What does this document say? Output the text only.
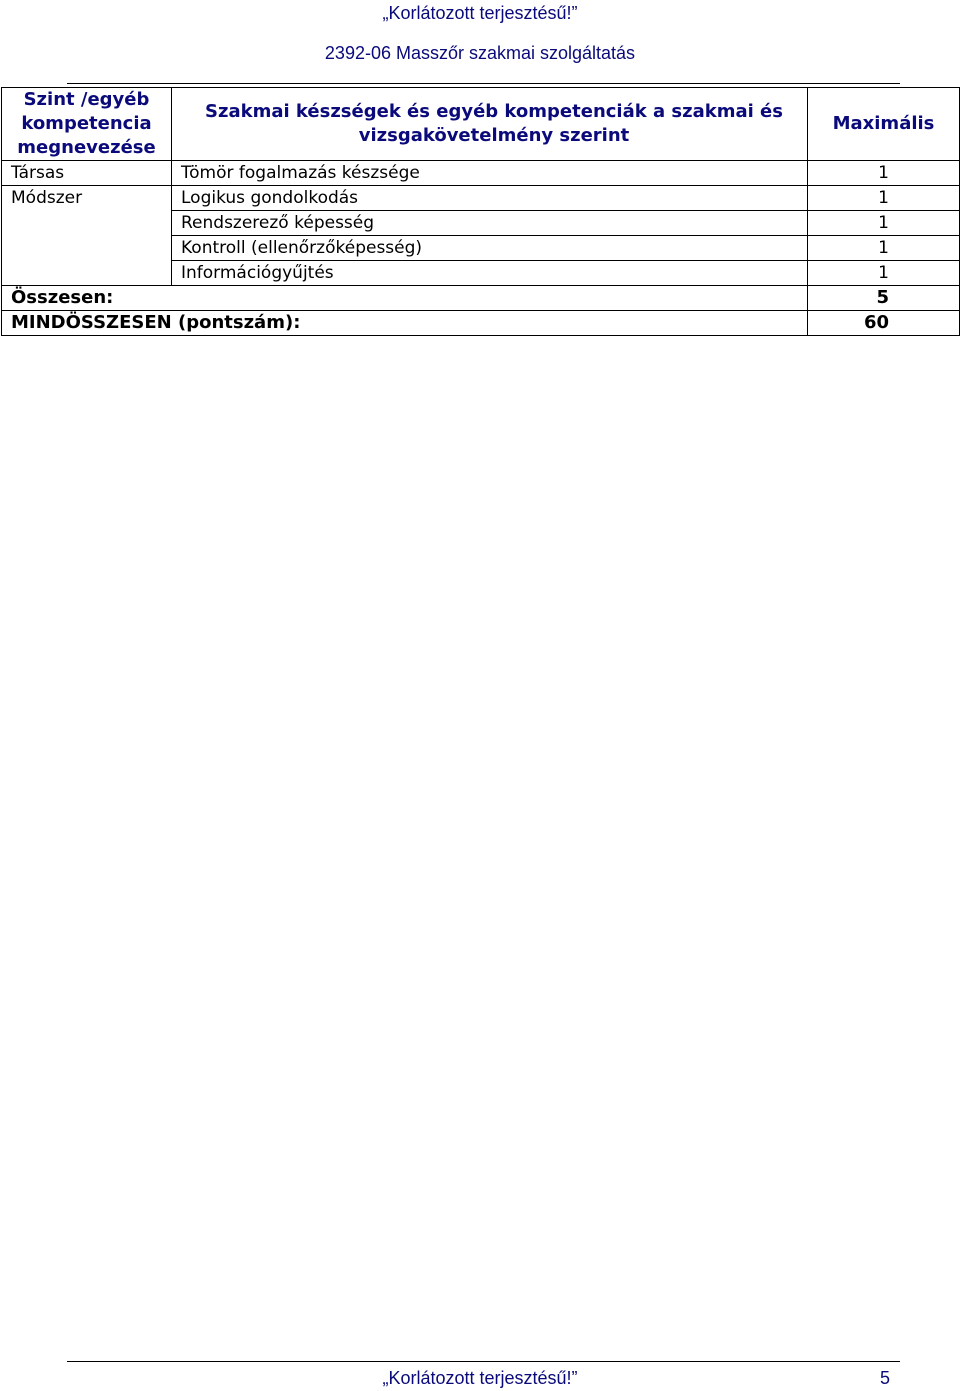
„Korlátozott terjesztésű!”
2392-06 Masszőr szakmai szolgáltatás
Szint /egyéb kompetencia megnevezése	Szakmai készségek és egyéb kompetenciák a szakmai és vizsgakövetelmény szerint	Maximális
Társas	Tömör fogalmazás készsége	1
Módszer	Logikus gondolkodás	1
	Rendszerező képesség	1
	Kontroll (ellenőrzőképesség)	1
	Információgyűjtés	1
Összesen:		5
MINDÖSSZESEN (pontszám):		60
„Korlátozott terjesztésű!”	5
